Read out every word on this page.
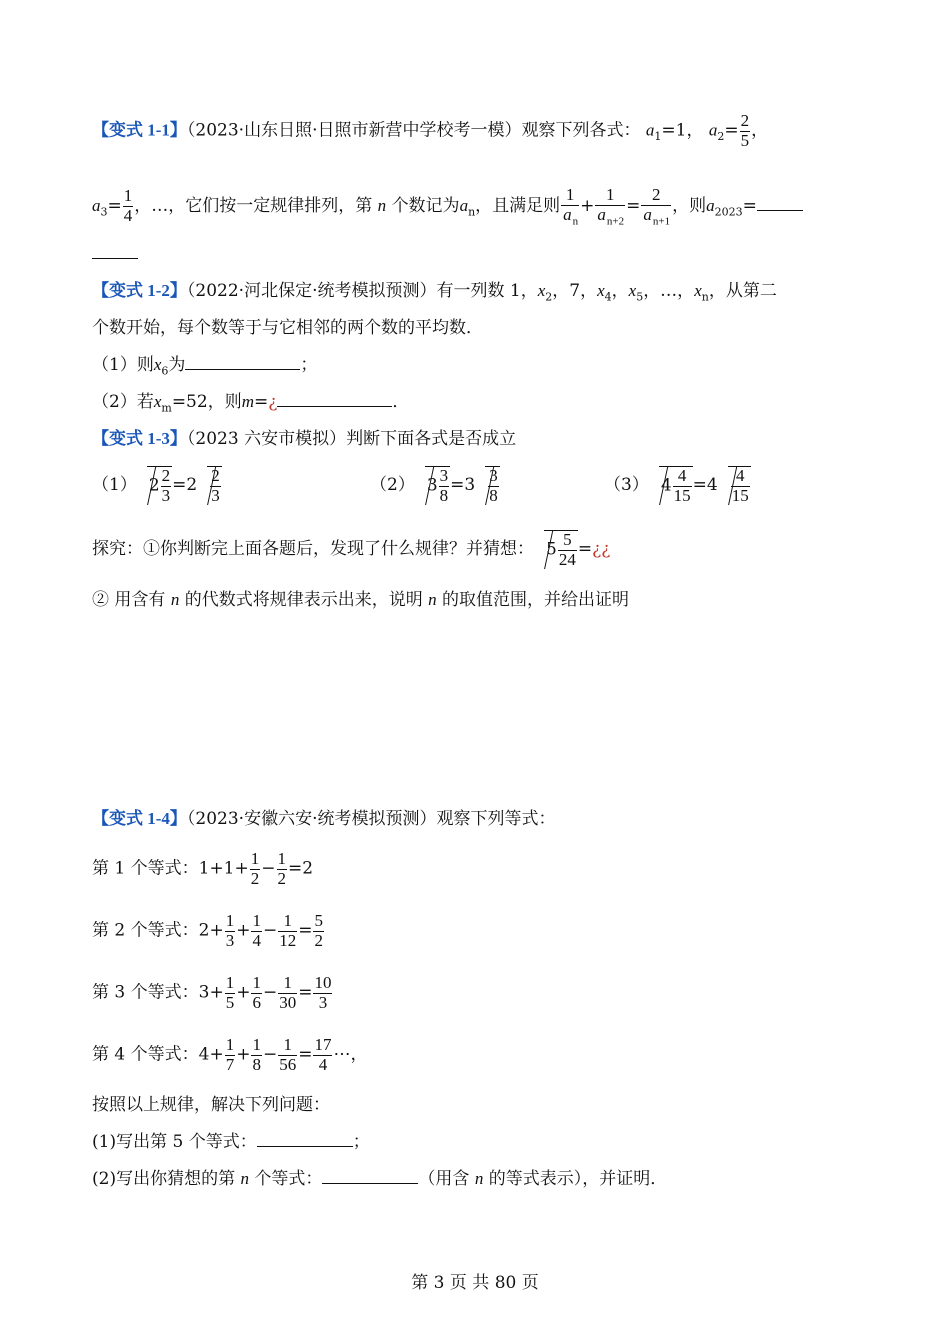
【变式 1-1】（2023·山东日照·日照市新营中学校考一模）观察下列各式： $a_1=1$， $a_2= \frac{2}{5}$ ，
$a_3= \frac{1}{4}$ ，…，它们按一定规律排列，第 n 个数记为$a_n$，且满足则 $\frac{1}{a_n} + \frac{1}{a_{n+2}} = \frac{2}{a_{n+1}}$ ，则$a_{2023}=$
【变式 1-2】（2022·河北保定·统考模拟预测）有一列数 1，$x_2$，7，$x_4$，$x_5$，…，$x_n$，从第二
个数开始，每个数等于与它相邻的两个数的平均数．
（1）则$x_6$为	；
（2）若$x_m=52$，则m=¿	．
【变式 1-3】（2023 六安市模拟）判断下面各式是否成立
（1） $2 \frac{2}{3} =2 \frac{2}{3}$	（2） $3 \frac{3}{8} =3 \frac{3}{8}$	（3） $4 \frac{4}{15} =4 \frac{4}{15}$
探究：①你判断完上面各题后，发现了什么规律？并猜想： $5 \frac{5}{24}$ =¿¿
② 用含有 n 的代数式将规律表示出来，说明 n 的取值范围，并给出证明
【变式 1-4】（2023·安徽六安·统考模拟预测）观察下列等式：
第 1 个等式：$1+1+ \frac{1}{2} - \frac{1}{2} =2$
第 2 个等式：$2+ \frac{1}{3} + \frac{1}{4} - \frac{1}{12} = \frac{5}{2}$
第 3 个等式：$3+ \frac{1}{5} + \frac{1}{6} - \frac{1}{30} = \frac{10}{3}$
第 4 个等式：$4+ \frac{1}{7} + \frac{1}{8} - \frac{1}{56} = \frac{17}{4}$ ⋯，
按照以上规律，解决下列问题：
(1)写出第 5 个等式：	；
(2)写出你猜想的第 n 个等式：	（用含 n 的等式表示），并证明．
第 3 页 共 80 页
